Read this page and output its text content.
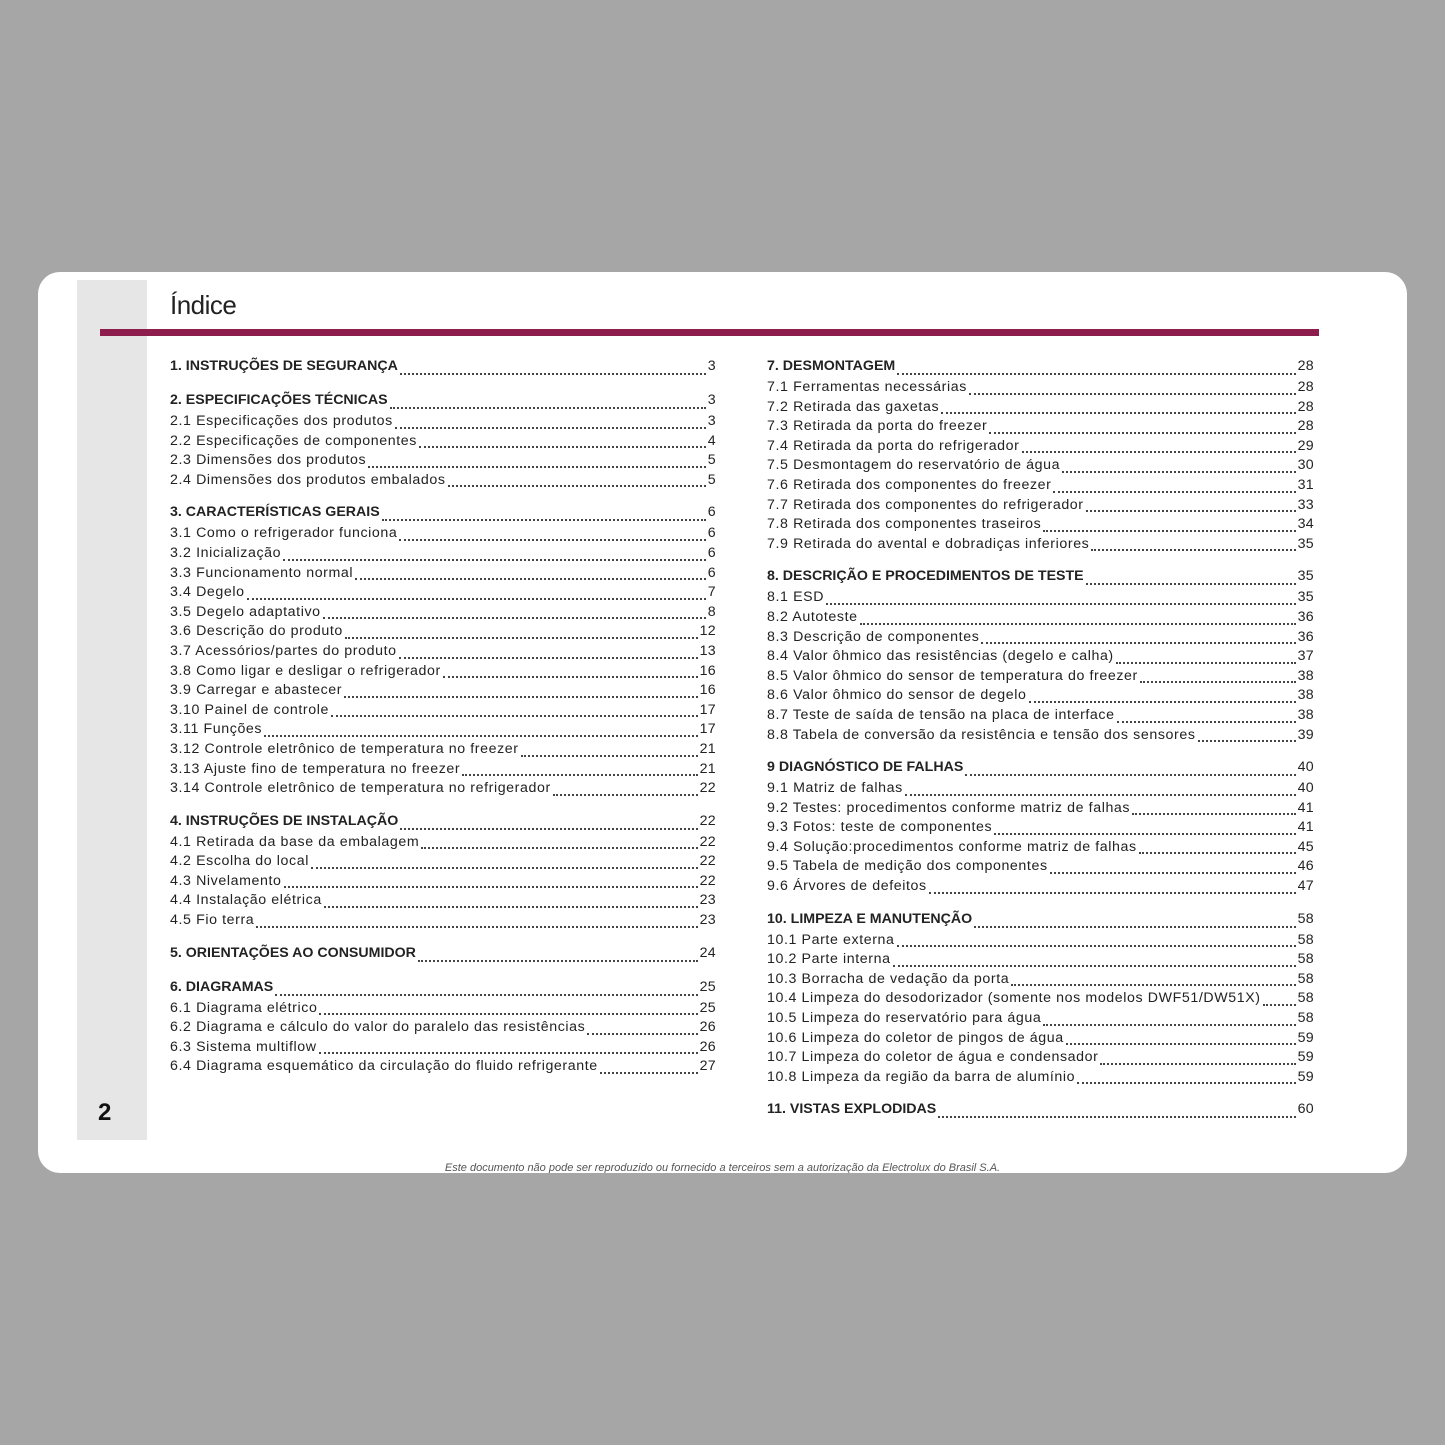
2
Índice
1. INSTRUÇÕES DE SEGURANÇA	3
2. ESPECIFICAÇÕES TÉCNICAS	3
2.1 Especificações dos produtos	3
2.2 Especificações de componentes	4
2.3 Dimensões dos produtos	5
2.4 Dimensões dos produtos embalados	5
3. CARACTERÍSTICAS GERAIS	6
3.1 Como o refrigerador funciona	6
3.2 Inicialização	6
3.3 Funcionamento normal	6
3.4 Degelo	7
3.5 Degelo adaptativo	8
3.6 Descrição do produto	12
3.7 Acessórios/partes do produto	13
3.8 Como ligar e desligar o refrigerador	16
3.9 Carregar e abastecer	16
3.10 Painel de controle	17
3.11 Funções	17
3.12 Controle eletrônico de temperatura no freezer	21
3.13 Ajuste fino de temperatura no freezer	21
3.14 Controle eletrônico de temperatura no refrigerador	22
4. INSTRUÇÕES DE INSTALAÇÃO	22
4.1 Retirada da base da embalagem	22
4.2 Escolha do local	22
4.3 Nivelamento	22
4.4 Instalação elétrica	23
4.5 Fio terra	23
5. ORIENTAÇÕES AO CONSUMIDOR	24
6. DIAGRAMAS	25
6.1 Diagrama elétrico	25
6.2 Diagrama e cálculo do valor do paralelo das resistências	26
6.3 Sistema multiflow	26
6.4 Diagrama esquemático da circulação do fluido refrigerante	27
7. DESMONTAGEM	28
7.1 Ferramentas necessárias	28
7.2 Retirada das gaxetas	28
7.3 Retirada da porta do freezer	28
7.4 Retirada da porta do refrigerador	29
7.5 Desmontagem do reservatório de água	30
7.6 Retirada dos componentes do freezer	31
7.7 Retirada dos componentes do refrigerador	33
7.8 Retirada dos componentes traseiros	34
7.9 Retirada do avental e dobradiças inferiores	35
8. DESCRIÇÃO E PROCEDIMENTOS DE TESTE	35
8.1 ESD	35
8.2 Autoteste	36
8.3 Descrição de componentes	36
8.4 Valor ôhmico das resistências (degelo e calha)	37
8.5 Valor ôhmico do sensor de temperatura do freezer	38
8.6 Valor ôhmico do sensor de degelo	38
8.7 Teste de saída de tensão na placa de interface	38
8.8 Tabela de conversão da resistência e tensão dos sensores	39
9 DIAGNÓSTICO DE FALHAS	40
9.1 Matriz de falhas	40
9.2 Testes: procedimentos conforme matriz de falhas	41
9.3 Fotos: teste de componentes	41
9.4 Solução:procedimentos conforme matriz de falhas	45
9.5 Tabela de medição dos componentes	46
9.6 Árvores de defeitos	47
10. LIMPEZA E MANUTENÇÃO	58
10.1 Parte externa	58
10.2 Parte interna	58
10.3 Borracha de vedação da porta	58
10.4 Limpeza do desodorizador (somente nos modelos DWF51/DW51X)	58
10.5 Limpeza do reservatório para água	58
10.6 Limpeza do coletor de pingos de água	59
10.7 Limpeza do coletor de água e condensador	59
10.8 Limpeza da região da barra de alumínio	59
11. VISTAS EXPLODIDAS	60
Este documento não pode ser reproduzido ou fornecido a terceiros sem a autorização da Electrolux do Brasil S.A.
